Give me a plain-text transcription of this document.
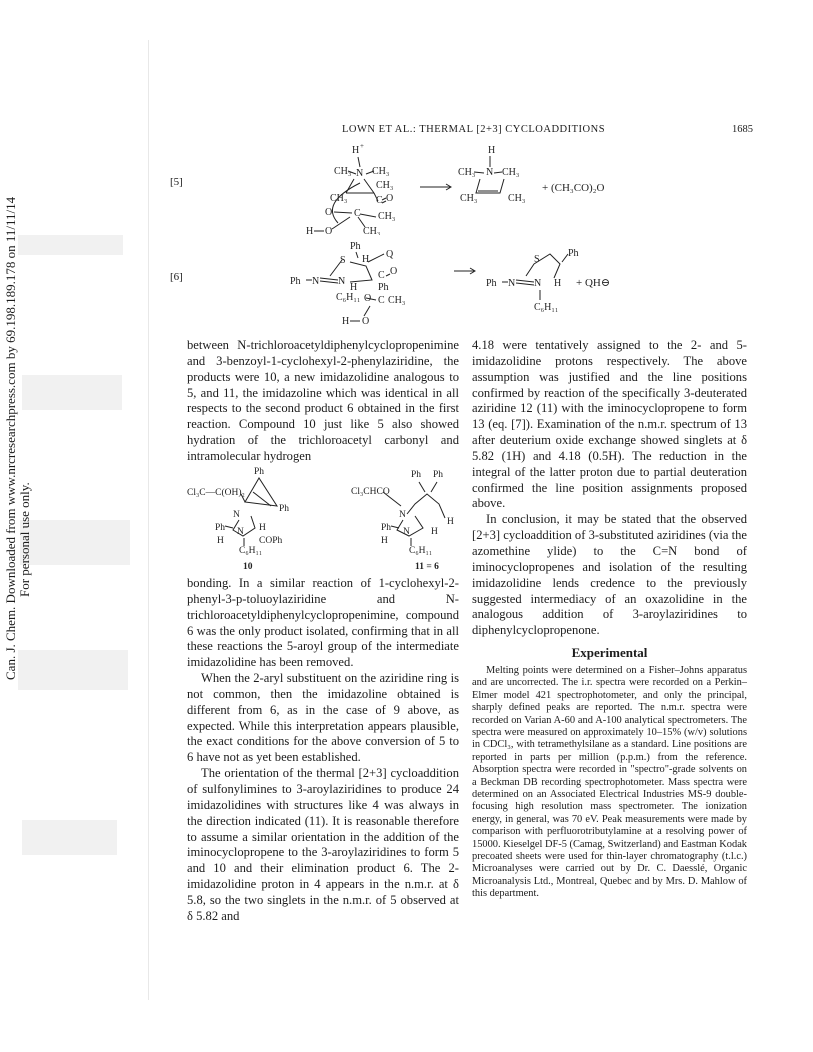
Can. J. Chem. Downloaded from www.nrcresearchpress.com by 69.198.189.178 on 11/11/14 For personal use only.
LOWN ET AL.: THERMAL [2+3] CYCLOADDITIONS	1685
[5]
H +
CH₃ CH₃
N
CH₃
CH₃	C O
O C CH₃
H O	CH₃
H
CH₃ N CH₃
CH₃	CH₃
+ (CH₃CO)₂O
[6]
Ph
S H Q
Ph N N
C O
H Ph
C₆H₁₁ O C CH₃
H O
Ph
S
Ph N N H
C₆H₁₁
+ QH⊖

between N-trichloroacetyldiphenylcyclopropenimine and 3-benzoyl-1-cyclohexyl-2-phenylaziridine, the products were 10, a new imidazolidine analogous to 5, and 11, the imidazoline which was identical in all respects to the second product 6 obtained in the first reaction. Compound 10 just like 5 also showed hydration of the trichloroacetyl carbonyl and intramolecular hydrogen

Ph
Cl₃C—C(OH)₂
Ph
N
Ph N H
H	COPh
C₆H₁₁
10
Ph Ph
Cl₃CHCO
H
N
Ph N H
H
C₆H₁₁
11 = 6

bonding. In a similar reaction of 1-cyclohexyl-2-phenyl-3-p-toluoylaziridine and N-trichloroacetyldiphenylcyclopropenimine, compound 6 was the only product isolated, confirming that in all these reactions the 5-aroyl group of the intermediate imidazolidine has been removed.

When the 2-aryl substituent on the aziridine ring is not common, then the imidazoline obtained is different from 6, as in the case of 9 above, as expected. While this interpretation appears plausible, the exact conditions for the above conversion of 5 to 6 have not as yet been established.

The orientation of the thermal [2+3] cycloaddition of sulfonylimines to 3-aroylaziridines to produce 24 imidazolidines with structures like 4 was always in the direction indicated (11). It is reasonable therefore to assume a similar orientation in the addition of the iminocyclopropene to the 3-aroylaziridines to form 5 and 10 and their elimination product 6. The 2-imidazolidine proton in 4 appears in the n.m.r. at δ 5.8, so the two singlets in the n.m.r. of 5 observed at δ 5.82 and

4.18 were tentatively assigned to the 2- and 5-imidazolidine protons respectively. The above assumption was justified and the line positions confirmed by reaction of the specifically 3-deuterated aziridine 12 (11) with the iminocyclopropene to form 13 (eq. [7]). Examination of the n.m.r. spectrum of 13 after deuterium oxide exchange showed singlets at δ 5.82 (1H) and 4.18 (0.5H). The reduction in the integral of the latter proton due to partial deuteration confirmed the line position assignments proposed above.

In conclusion, it may be stated that the observed [2+3] cycloaddition of 3-substituted aziridines (via the azomethine ylide) to the C=N bond of iminocyclopropenes and isolation of the resulting imidazolidine lends credence to the previously suggested intermediacy of an oxazolidine in the analogous addition of 3-aroylaziridines to diphenylcyclopropenone.

Experimental

Melting points were determined on a Fisher–Johns apparatus and are uncorrected. The i.r. spectra were recorded on a Perkin–Elmer model 421 spectrophotometer, and only the principal, sharply defined peaks are reported. The n.m.r. spectra were recorded on Varian A-60 and A-100 analytical spectrometers. The spectra were measured on approximately 10–15% (w/v) solutions in CDCl₃, with tetramethylsilane as a standard. Line positions are reported in parts per million (p.p.m.) from the reference. Absorption spectra were recorded in "spectro"-grade solvents on a Beckman DB recording spectrophotometer. Mass spectra were determined on an Associated Electrical Industries MS-9 double-focusing high resolution mass spectrometer. The ionization energy, in general, was 70 eV. Peak measurements were made by comparison with perfluorotributylamine at a resolving power of 15000. Kieselgel DF-5 (Camag, Switzerland) and Eastman Kodak precoated sheets were used for thin-layer chromatography (t.l.c.) Microanalyses were carried out by Dr. C. Daesslé, Organic Microanalysis Ltd., Montreal, Quebec and by Mrs. D. Mahlow of this department.
